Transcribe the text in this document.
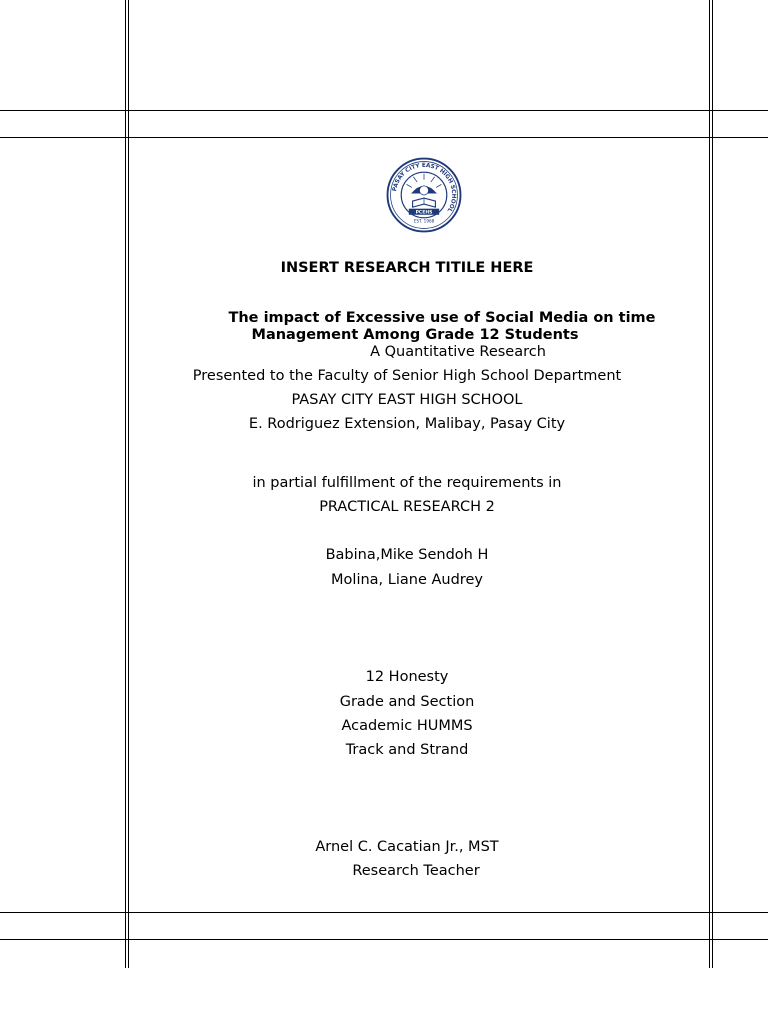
PASAY CITY EAST HIGH SCHOOL
PCEHS
EST. 1968
INSERT RESEARCH TITILE HERE
The impact of Excessive use of Social Media on time
Management Among Grade 12 Students
A Quantitative Research
Presented to the Faculty of Senior High School Department
PASAY CITY EAST HIGH SCHOOL
E. Rodriguez Extension, Malibay, Pasay City
in partial fulfillment of the requirements in
PRACTICAL RESEARCH 2
Babina,Mike Sendoh H
Molina, Liane Audrey
12 Honesty
Grade and Section
Academic HUMMS
Track and Strand
Arnel C. Cacatian Jr., MST
Research Teacher
